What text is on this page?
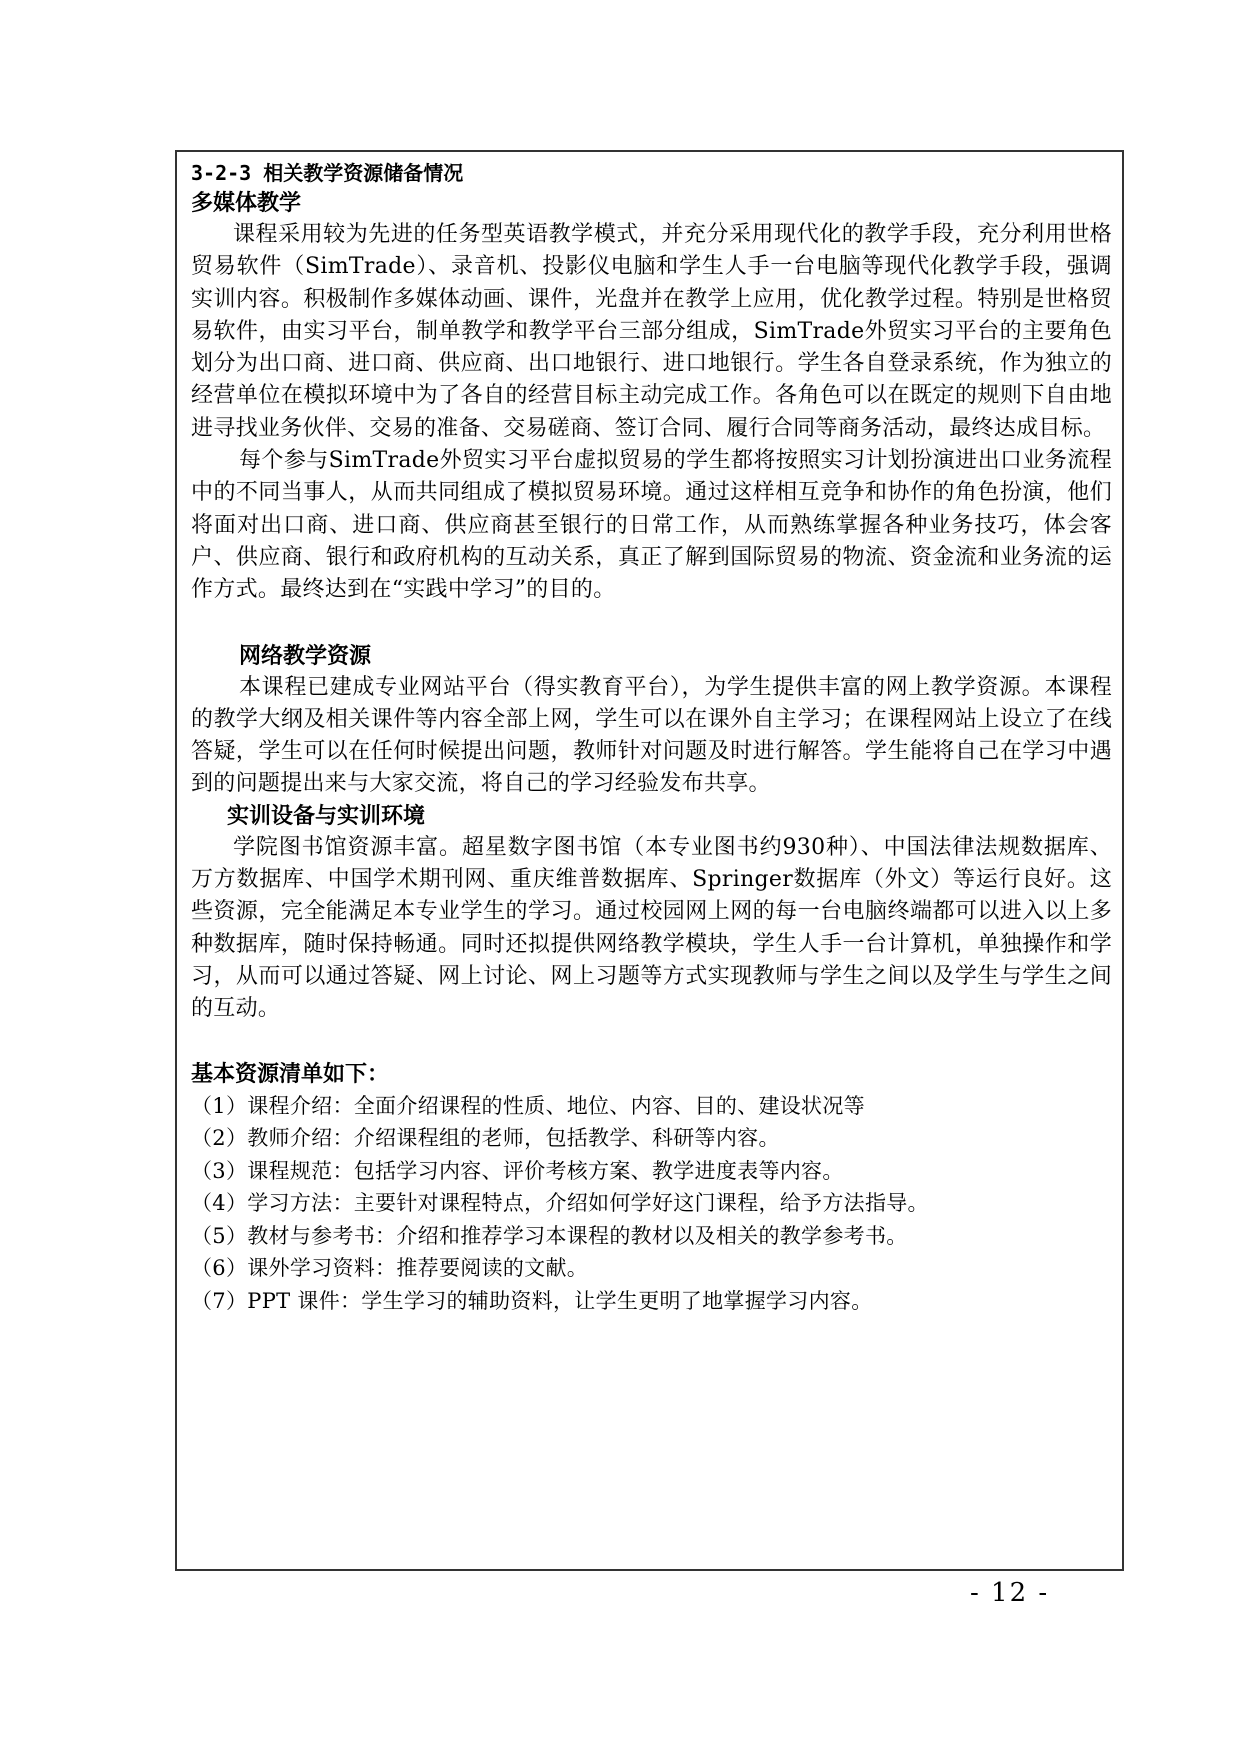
3-2-3 相关教学资源储备情况

多媒体教学

课程采用较为先进的任务型英语教学模式，并充分采用现代化的教学手段，充分利用世格贸易软件（SimTrade）、录音机、投影仪电脑和学生人手一台电脑等现代化教学手段，强调实训内容。积极制作多媒体动画、课件，光盘并在教学上应用，优化教学过程。特别是世格贸易软件，由实习平台，制单教学和教学平台三部分组成，SimTrade外贸实习平台的主要角色划分为出口商、进口商、供应商、出口地银行、进口地银行。学生各自登录系统，作为独立的经营单位在模拟环境中为了各自的经营目标主动完成工作。各角色可以在既定的规则下自由地进寻找业务伙伴、交易的准备、交易磋商、签订合同、履行合同等商务活动，最终达成目标。

每个参与SimTrade外贸实习平台虚拟贸易的学生都将按照实习计划扮演进出口业务流程中的不同当事人，从而共同组成了模拟贸易环境。通过这样相互竞争和协作的角色扮演，他们将面对出口商、进口商、供应商甚至银行的日常工作，从而熟练掌握各种业务技巧，体会客户、供应商、银行和政府机构的互动关系，真正了解到国际贸易的物流、资金流和业务流的运作方式。最终达到在“实践中学习”的目的。

网络教学资源

本课程已建成专业网站平台（得实教育平台），为学生提供丰富的网上教学资源。本课程的教学大纲及相关课件等内容全部上网，学生可以在课外自主学习；在课程网站上设立了在线答疑，学生可以在任何时候提出问题，教师针对问题及时进行解答。学生能将自己在学习中遇到的问题提出来与大家交流，将自己的学习经验发布共享。

实训设备与实训环境

学院图书馆资源丰富。超星数字图书馆（本专业图书约930种）、中国法律法规数据库、万方数据库、中国学术期刊网、重庆维普数据库、Springer数据库（外文）等运行良好。这些资源，完全能满足本专业学生的学习。通过校园网上网的每一台电脑终端都可以进入以上多种数据库，随时保持畅通。同时还拟提供网络教学模块，学生人手一台计算机，单独操作和学习，从而可以通过答疑、网上讨论、网上习题等方式实现教师与学生之间以及学生与学生之间的互动。

基本资源清单如下：

（1）课程介绍：全面介绍课程的性质、地位、内容、目的、建设状况等
（2）教师介绍：介绍课程组的老师，包括教学、科研等内容。
（3）课程规范：包括学习内容、评价考核方案、教学进度表等内容。
（4）学习方法：主要针对课程特点，介绍如何学好这门课程，给予方法指导。
（5）教材与参考书：介绍和推荐学习本课程的教材以及相关的教学参考书。
（6）课外学习资料：推荐要阅读的文献。
（7）PPT 课件：学生学习的辅助资料，让学生更明了地掌握学习内容。
- 12 -
